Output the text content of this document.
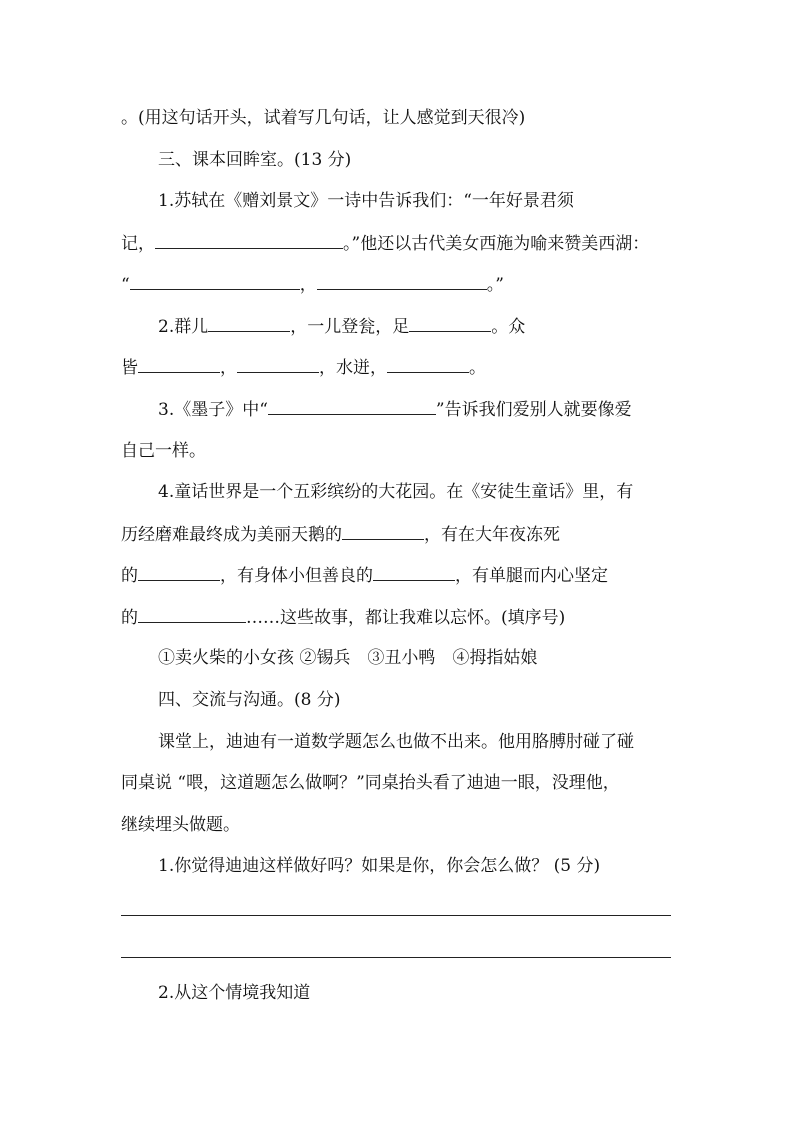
。(用这句话开头，试着写几句话，让人感觉到天很冷)
三、课本回眸室。(13 分)
1.苏轼在《赠刘景文》一诗中告诉我们：“一年好景君须
记，	。”他还以古代美女西施为喻来赞美西湖：
“	，	。”
2.群儿	，一儿登瓮，足	。众
皆	，	，水迸，	。
3.《墨子》中“	”告诉我们爱别人就要像爱
自己一样。
4.童话世界是一个五彩缤纷的大花园。在《安徒生童话》里，有
历经磨难最终成为美丽天鹅的	，有在大年夜冻死
的	，有身体小但善良的	，有单腿而内心坚定
的	……这些故事，都让我难以忘怀。(填序号)
①卖火柴的小女孩 ②锡兵　③丑小鸭　④拇指姑娘
四、交流与沟通。(8 分)
课堂上，迪迪有一道数学题怎么也做不出来。他用胳膊肘碰了碰
同桌说 “喂，这道题怎么做啊？”同桌抬头看了迪迪一眼，没理他，
继续埋头做题。
1.你觉得迪迪这样做好吗？如果是你，你会怎么做？ (5 分)
2.从这个情境我知道
